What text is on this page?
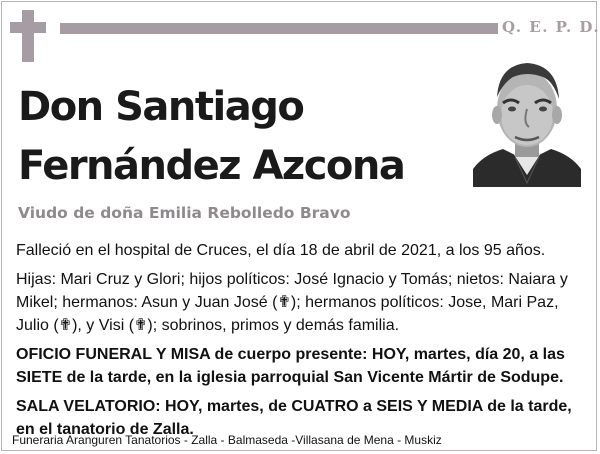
Q. E. P. D.
Don Santiago
Fernández Azcona
Viudo de doña Emilia Rebolledo Bravo

Falleció en el hospital de Cruces, el día 18 de abril de 2021, a los 95 años.

Hijas: Mari Cruz y Glori; hijos políticos: José Ignacio y Tomás; nietos: Naiara y Mikel; hermanos: Asun y Juan José (✟); hermanos políticos: Jose, Mari Paz, Julio (✟), y Visi (✟); sobrinos, primos y demás familia.

OFICIO FUNERAL Y MISA de cuerpo presente: HOY, martes, día 20, a las SIETE de la tarde, en la iglesia parroquial San Vicente Mártir de Sodupe.

SALA VELATORIO: HOY, martes, de CUATRO a SEIS Y MEDIA de la tarde, en el tanatorio de Zalla.

Funeraria Aranguren Tanatorios - Zalla - Balmaseda -Villasana de Mena - Muskiz
